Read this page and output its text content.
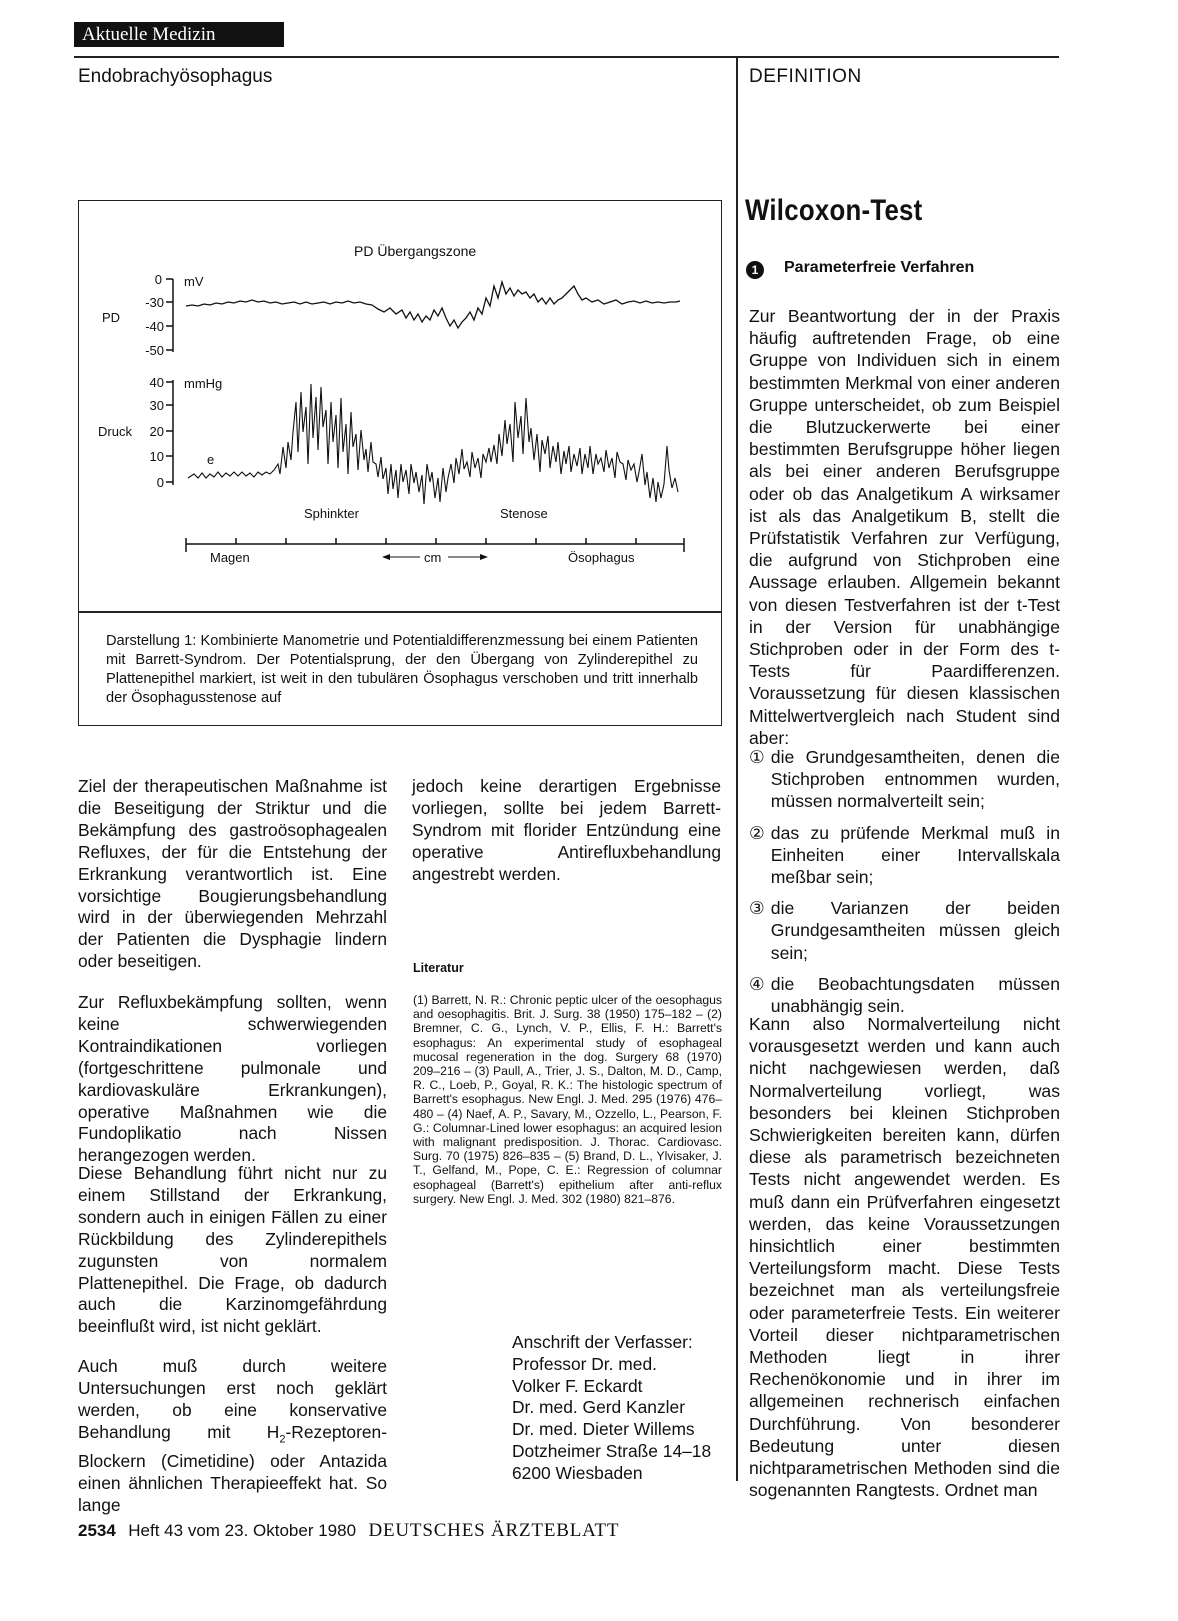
Aktuelle Medizin
Endobrachyösophagus	DEFINITION
PD Übergangszone
0
-30
-40
-50
mV
PD
40
30
20
10
0
mmHg
Druck
e
Sphinkter	Stenose
Magen	cm	Ösophagus

Darstellung 1: Kombinierte Manometrie und Potentialdifferenzmessung bei einem Patienten mit Barrett-Syndrom. Der Potentialsprung, der den Übergang von Zylinderepithel zu Plattenepithel markiert, ist weit in den tubulären Ösophagus verschoben und tritt innerhalb der Ösophagusstenose auf

Ziel der therapeutischen Maßnahme ist die Beseitigung der Striktur und die Bekämpfung des gastroösophagealen Refluxes, der für die Entstehung der Erkrankung verantwortlich ist. Eine vorsichtige Bougierungsbehandlung wird in der überwiegenden Mehrzahl der Patienten die Dysphagie lindern oder beseitigen.

Zur Refluxbekämpfung sollten, wenn keine schwerwiegenden Kontraindikationen vorliegen (fortgeschrittene pulmonale und kardiovaskuläre Erkrankungen), operative Maßnahmen wie die Fundoplikatio nach Nissen herangezogen werden.

Diese Behandlung führt nicht nur zu einem Stillstand der Erkrankung, sondern auch in einigen Fällen zu einer Rückbildung des Zylinderepithels zugunsten von normalem Plattenepithel. Die Frage, ob dadurch auch die Karzinomgefährdung beeinflußt wird, ist nicht geklärt.

Auch muß durch weitere Untersuchungen erst noch geklärt werden, ob eine konservative Behandlung mit $H_2-Rezeptoren$-Blockern (Cimetidine) oder Antazida einen ähnlichen Therapieeffekt hat. So lange

jedoch keine derartigen Ergebnisse vorliegen, sollte bei jedem Barrett-Syndrom mit florider Entzündung eine operative Antirefluxbehandlung angestrebt werden.

Literatur

(1) Barrett, N. R.: Chronic peptic ulcer of the oesophagus and oesophagitis. Brit. J. Surg. 38 (1950) 175–182 – (2) Bremner, C. G., Lynch, V. P., Ellis, F. H.: Barrett's esophagus: An experimental study of esophageal mucosal regeneration in the dog. Surgery 68 (1970) 209–216 – (3) Paull, A., Trier, J. S., Dalton, M. D., Camp, R. C., Loeb, P., Goyal, R. K.: The histologic spectrum of Barrett's esophagus. New Engl. J. Med. 295 (1976) 476–480 – (4) Naef, A. P., Savary, M., Ozzello, L., Pearson, F. G.: Columnar-Lined lower esophagus: an acquired lesion with malignant predisposition. J. Thorac. Cardiovasc. Surg. 70 (1975) 826–835 – (5) Brand, D. L., Ylvisaker, J. T., Gelfand, M., Pope, C. E.: Regression of columnar esophageal (Barrett's) epithelium after anti-reflux surgery. New Engl. J. Med. 302 (1980) 821–876.

Anschrift der Verfasser:
Professor Dr. med.
Volker F. Eckardt
Dr. med. Gerd Kanzler
Dr. med. Dieter Willems
Dotzheimer Straße 14–18
6200 Wiesbaden
Wilcoxon-Test
1	Parameterfreie Verfahren

Zur Beantwortung der in der Praxis häufig auftretenden Frage, ob eine Gruppe von Individuen sich in einem bestimmten Merkmal von einer anderen Gruppe unterscheidet, ob zum Beispiel die Blutzuckerwerte bei einer bestimmten Berufsgruppe höher liegen als bei einer anderen Berufsgruppe oder ob das Analgetikum A wirksamer ist als das Analgetikum B, stellt die Prüfstatistik Verfahren zur Verfügung, die aufgrund von Stichproben eine Aussage erlauben. Allgemein bekannt von diesen Testverfahren ist der t-Test in der Version für unabhängige Stichproben oder in der Form des t-Tests für Paardifferenzen. Voraussetzung für diesen klassischen Mittelwertvergleich nach Student sind aber:

① die Grundgesamtheiten, denen die Stichproben entnommen wurden, müssen normalverteilt sein;
② das zu prüfende Merkmal muß in Einheiten einer Intervallskala meßbar sein;
③ die Varianzen der beiden Grundgesamtheiten müssen gleich sein;
④ die Beobachtungsdaten müssen unabhängig sein.

Kann also Normalverteilung nicht vorausgesetzt werden und kann auch nicht nachgewiesen werden, daß Normalverteilung vorliegt, was besonders bei kleinen Stichproben Schwierigkeiten bereiten kann, dürfen diese als parametrisch bezeichneten Tests nicht angewendet werden. Es muß dann ein Prüfverfahren eingesetzt werden, das keine Voraussetzungen hinsichtlich einer bestimmten Verteilungsform macht. Diese Tests bezeichnet man als verteilungsfreie oder parameterfreie Tests. Ein weiterer Vorteil dieser nichtparametrischen Methoden liegt in ihrer Rechenökonomie und in ihrer im allgemeinen rechnerisch einfachen Durchführung. Von besonderer Bedeutung unter diesen nichtparametrischen Methoden sind die sogenannten Rangtests. Ordnet man

2534 Heft 43 vom 23. Oktober 1980 DEUTSCHES ÄRZTEBLATT
